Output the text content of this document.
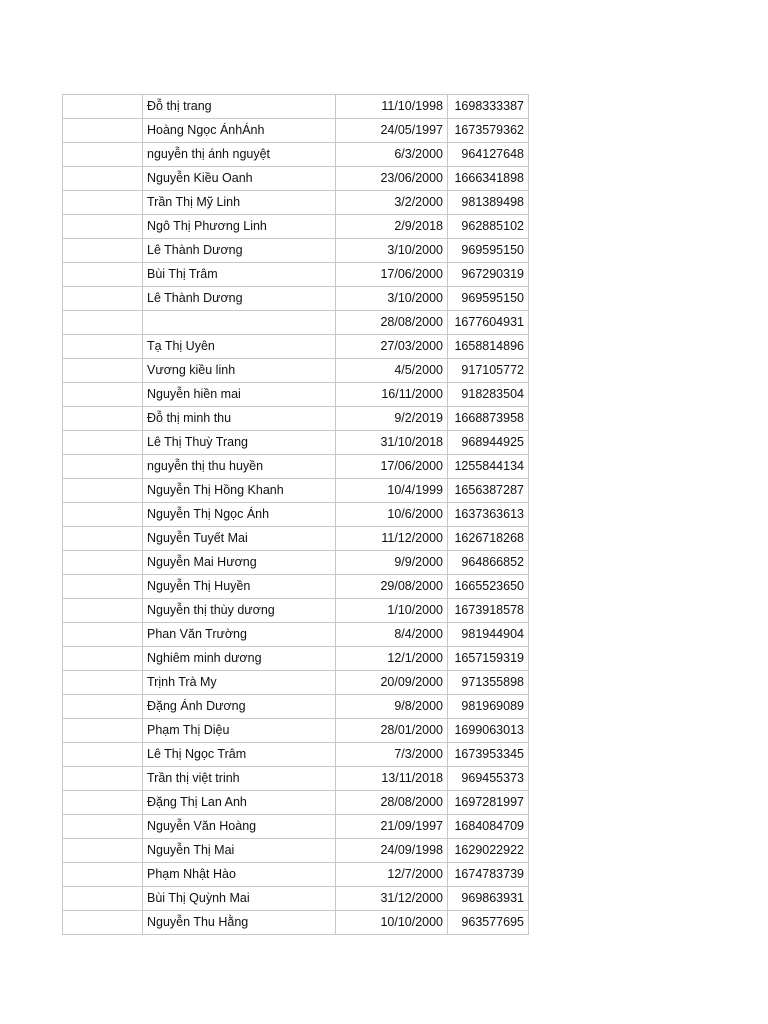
	Đỗ thị trang	11/10/1998	1698333387
	Hoàng Ngọc ÁnhÁnh	24/05/1997	1673579362
	nguyễn thị ánh nguyệt	6/3/2000	964127648
	Nguyễn Kiều Oanh	23/06/2000	1666341898
	Trần Thị Mỹ Linh	3/2/2000	981389498
	Ngô Thị Phương Linh	2/9/2018	962885102
	Lê Thành Dương	3/10/2000	969595150
	Bùi Thị Trâm	17/06/2000	967290319
	Lê Thành Dương	3/10/2000	969595150
		28/08/2000	1677604931
	Tạ Thị Uyên	27/03/2000	1658814896
	Vương kiều linh	4/5/2000	917105772
	Nguyễn hiền mai	16/11/2000	918283504
	Đỗ thị minh thu	9/2/2019	1668873958
	Lê Thị Thuỳ Trang	31/10/2018	968944925
	nguyễn thị thu huyền	17/06/2000	1255844134
	Nguyễn Thị Hồng Khanh	10/4/1999	1656387287
	Nguyễn Thị Ngọc Ánh	10/6/2000	1637363613
	Nguyễn Tuyết Mai	11/12/2000	1626718268
	Nguyễn Mai Hương	9/9/2000	964866852
	Nguyễn Thị Huyền	29/08/2000	1665523650
	Nguyễn thị thùy dương	1/10/2000	1673918578
	Phan Văn Trường	8/4/2000	981944904
	Nghiêm minh dương	12/1/2000	1657159319
	Trịnh Trà My	20/09/2000	971355898
	Đặng Ánh Dương	9/8/2000	981969089
	Phạm Thị Diệu	28/01/2000	1699063013
	Lê Thị Ngọc Trâm	7/3/2000	1673953345
	Trần thị việt trinh	13/11/2018	969455373
	Đặng Thị Lan Anh	28/08/2000	1697281997
	Nguyễn Văn Hoàng	21/09/1997	1684084709
	Nguyễn Thị Mai	24/09/1998	1629022922
	Phạm Nhật Hào	12/7/2000	1674783739
	Bùi Thị Quỳnh Mai	31/12/2000	969863931
	Nguyễn Thu Hằng	10/10/2000	963577695
